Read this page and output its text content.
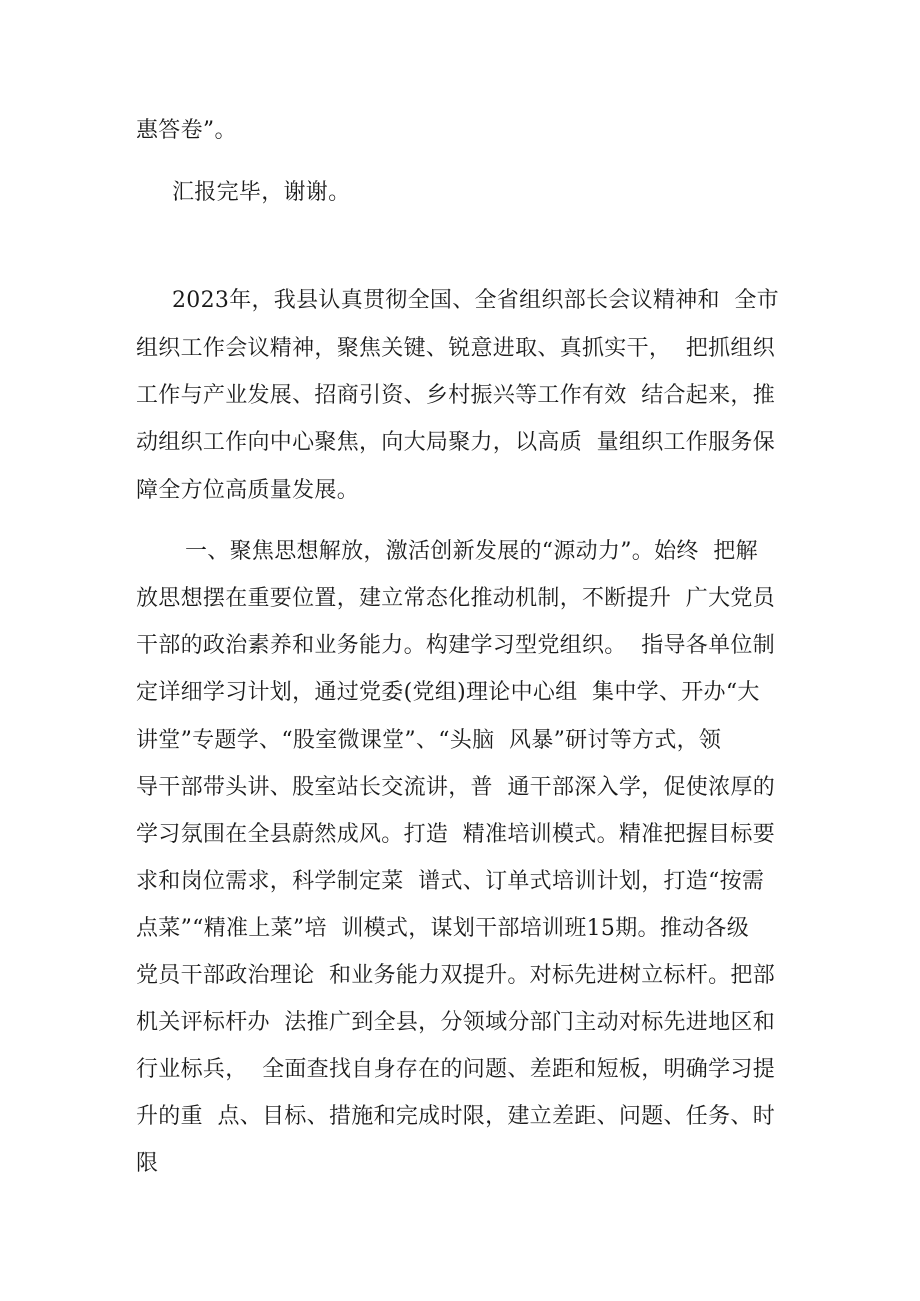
惠答卷”。
汇报完毕，谢谢。
2023年，我县认真贯彻全国、全省组织部长会议精神和  全市
组织工作会议精神，聚焦关键、锐意进取、真抓实干，  把抓组织
工作与产业发展、招商引资、乡村振兴等工作有效  结合起来，推
动组织工作向中心聚焦，向大局聚力，以高质  量组织工作服务保
障全方位高质量发展。
一、聚焦思想解放，激活创新发展的“源动力”。始终  把解
放思想摆在重要位置，建立常态化推动机制，不断提升  广大党员
干部的政治素养和业务能力。构建学习型党组织。  指导各单位制
定详细学习计划，通过党委(党组)理论中心组  集中学、开办“大
讲堂”专题学、“股室微课堂”、“头脑  风暴”研讨等方式，领
导干部带头讲、股室站长交流讲，普  通干部深入学，促使浓厚的
学习氛围在全县蔚然成风。打造  精准培训模式。精准把握目标要
求和岗位需求，科学制定菜  谱式、订单式培训计划，打造“按需
点菜”“精准上菜”培  训模式，谋划干部培训班15期。推动各级
党员干部政治理论  和业务能力双提升。对标先进树立标杆。把部
机关评标杆办  法推广到全县，分领域分部门主动对标先进地区和
行业标兵，  全面查找自身存在的问题、差距和短板，明确学习提
升的重  点、目标、措施和完成时限，建立差距、问题、任务、时
限
